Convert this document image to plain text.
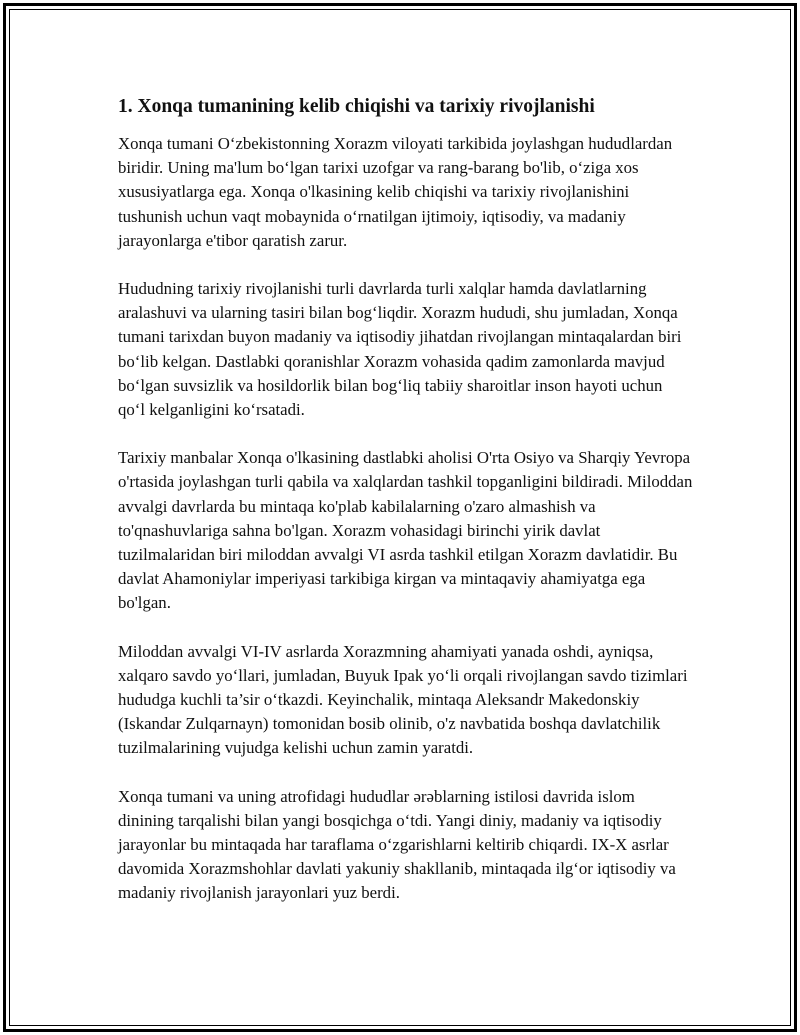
1. Xonqa tumanining kelib chiqishi va tarixiy rivojlanishi

Xonqa tumani O‘zbekistonning Xorazm viloyati tarkibida joylashgan hududlardan biridir. Uning ma'lum bo‘lgan tarixi uzofgar va rang-barang bo'lib, o‘ziga xos xususiyatlarga ega. Xonqa o'lkasining kelib chiqishi va tarixiy rivojlanishini tushunish uchun vaqt mobaynida o‘rnatilgan ijtimoiy, iqtisodiy, va madaniy jarayonlarga e'tibor qaratish zarur.

Hududning tarixiy rivojlanishi turli davrlarda turli xalqlar hamda davlatlarning aralashuvi va ularning tasiri bilan bog‘liqdir. Xorazm hududi, shu jumladan, Xonqa tumani tarixdan buyon madaniy va iqtisodiy jihatdan rivojlangan mintaqalardan biri bo‘lib kelgan. Dastlabki qoranishlar Xorazm vohasida qadim zamonlarda mavjud bo‘lgan suvsizlik va hosildorlik bilan bog‘liq tabiiy sharoitlar inson hayoti uchun qo‘l kelganligini ko‘rsatadi.

Tarixiy manbalar Xonqa o'lkasining dastlabki aholisi O'rta Osiyo va Sharqiy Yevropa o'rtasida joylashgan turli qabila va xalqlardan tashkil topganligini bildiradi. Miloddan avvalgi davrlarda bu mintaqa ko'plab kabilalarning o'zaro almashish va to'qnashuvlariga sahna bo'lgan. Xorazm vohasidagi birinchi yirik davlat tuzilmalaridan biri miloddan avvalgi VI asrda tashkil etilgan Xorazm davlatidir. Bu davlat Ahamoniylar imperiyasi tarkibiga kirgan va mintaqaviy ahamiyatga ega bo'lgan.

Miloddan avvalgi VI-IV asrlarda Xorazmning ahamiyati yanada oshdi, ayniqsa, xalqaro savdo yo‘llari, jumladan, Buyuk Ipak yo‘li orqali rivojlangan savdo tizimlari hududga kuchli ta’sir o‘tkazdi. Keyinchalik, mintaqa Aleksandr Makedonskiy (Iskandar Zulqarnayn) tomonidan bosib olinib, o'z navbatida boshqa davlatchilik tuzilmalarining vujudga kelishi uchun zamin yaratdi.

Xonqa tumani va uning atrofidagi hududlar ərəblarning istilosi davrida islom dinining tarqalishi bilan yangi bosqichga o‘tdi. Yangi diniy, madaniy va iqtisodiy jarayonlar bu mintaqada har taraflama o‘zgarishlarni keltirib chiqardi. IX-X asrlar davomida Xorazmshohlar davlati yakuniy shakllanib, mintaqada ilg‘or iqtisodiy va madaniy rivojlanish jarayonlari yuz berdi.
